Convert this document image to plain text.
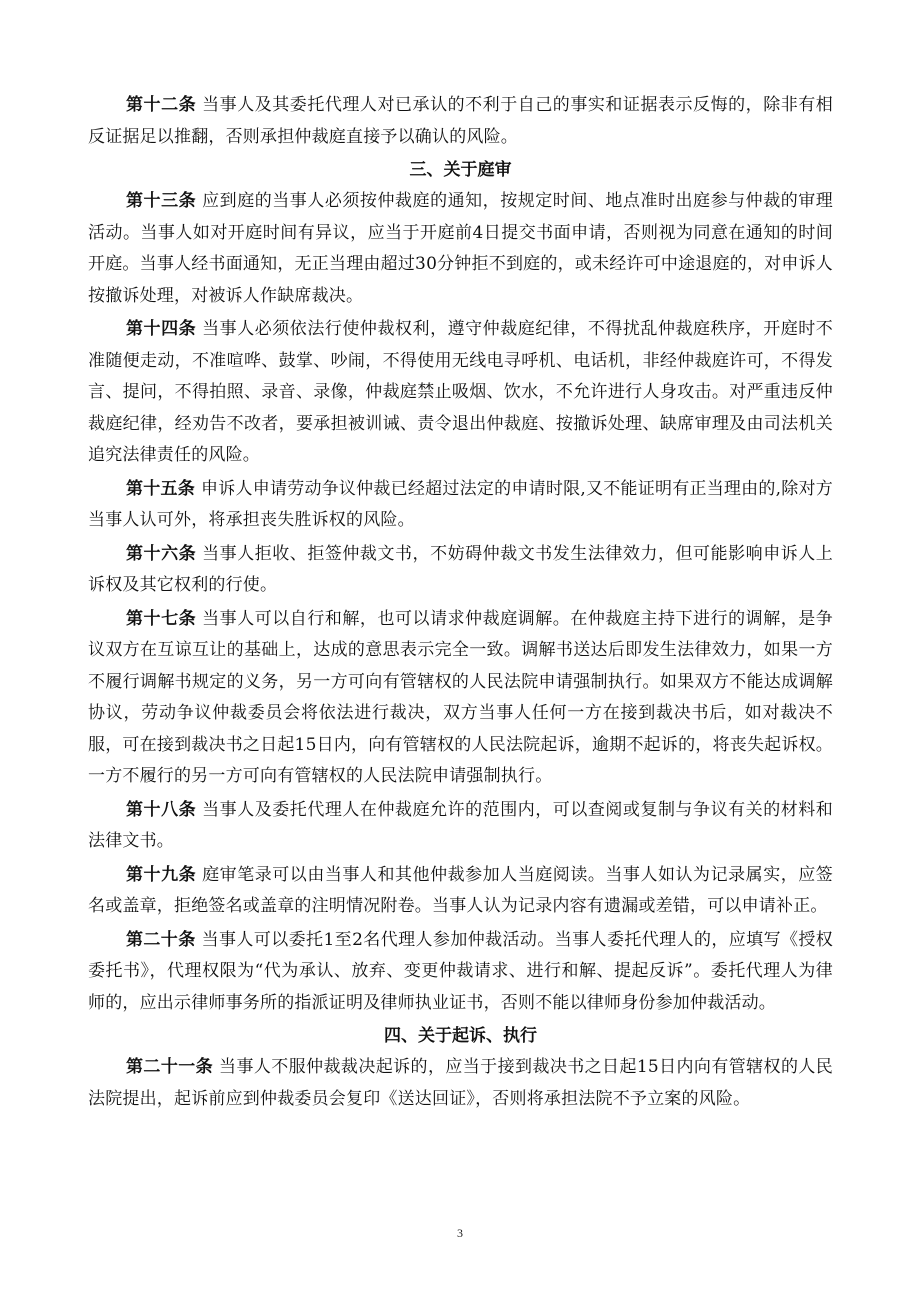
第十二条 当事人及其委托代理人对已承认的不利于自己的事实和证据表示反悔的，除非有相反证据足以推翻，否则承担仲裁庭直接予以确认的风险。

三、关于庭审

第十三条 应到庭的当事人必须按仲裁庭的通知，按规定时间、地点准时出庭参与仲裁的审理活动。当事人如对开庭时间有异议，应当于开庭前4日提交书面申请，否则视为同意在通知的时间开庭。当事人经书面通知，无正当理由超过30分钟拒不到庭的，或未经许可中途退庭的，对申诉人按撤诉处理，对被诉人作缺席裁决。

第十四条 当事人必须依法行使仲裁权利，遵守仲裁庭纪律，不得扰乱仲裁庭秩序，开庭时不准随便走动，不准喧哗、鼓掌、吵闹，不得使用无线电寻呼机、电话机，非经仲裁庭许可，不得发言、提问，不得拍照、录音、录像，仲裁庭禁止吸烟、饮水，不允许进行人身攻击。对严重违反仲裁庭纪律，经劝告不改者，要承担被训诫、责令退出仲裁庭、按撤诉处理、缺席审理及由司法机关追究法律责任的风险。

第十五条 申诉人申请劳动争议仲裁已经超过法定的申请时限,又不能证明有正当理由的,除对方当事人认可外，将承担丧失胜诉权的风险。

第十六条 当事人拒收、拒签仲裁文书，不妨碍仲裁文书发生法律效力，但可能影响申诉人上诉权及其它权利的行使。

第十七条 当事人可以自行和解，也可以请求仲裁庭调解。在仲裁庭主持下进行的调解，是争议双方在互谅互让的基础上，达成的意思表示完全一致。调解书送达后即发生法律效力，如果一方不履行调解书规定的义务，另一方可向有管辖权的人民法院申请强制执行。如果双方不能达成调解协议，劳动争议仲裁委员会将依法进行裁决，双方当事人任何一方在接到裁决书后，如对裁决不服，可在接到裁决书之日起15日内，向有管辖权的人民法院起诉，逾期不起诉的，将丧失起诉权。一方不履行的另一方可向有管辖权的人民法院申请强制执行。

第十八条 当事人及委托代理人在仲裁庭允许的范围内，可以查阅或复制与争议有关的材料和法律文书。

第十九条 庭审笔录可以由当事人和其他仲裁参加人当庭阅读。当事人如认为记录属实，应签名或盖章，拒绝签名或盖章的注明情况附卷。当事人认为记录内容有遗漏或差错，可以申请补正。

第二十条 当事人可以委托1至2名代理人参加仲裁活动。当事人委托代理人的，应填写《授权委托书》，代理权限为“代为承认、放弃、变更仲裁请求、进行和解、提起反诉”。委托代理人为律师的，应出示律师事务所的指派证明及律师执业证书，否则不能以律师身份参加仲裁活动。

四、关于起诉、执行

第二十一条 当事人不服仲裁裁决起诉的，应当于接到裁决书之日起15日内向有管辖权的人民法院提出，起诉前应到仲裁委员会复印《送达回证》，否则将承担法院不予立案的风险。

3
